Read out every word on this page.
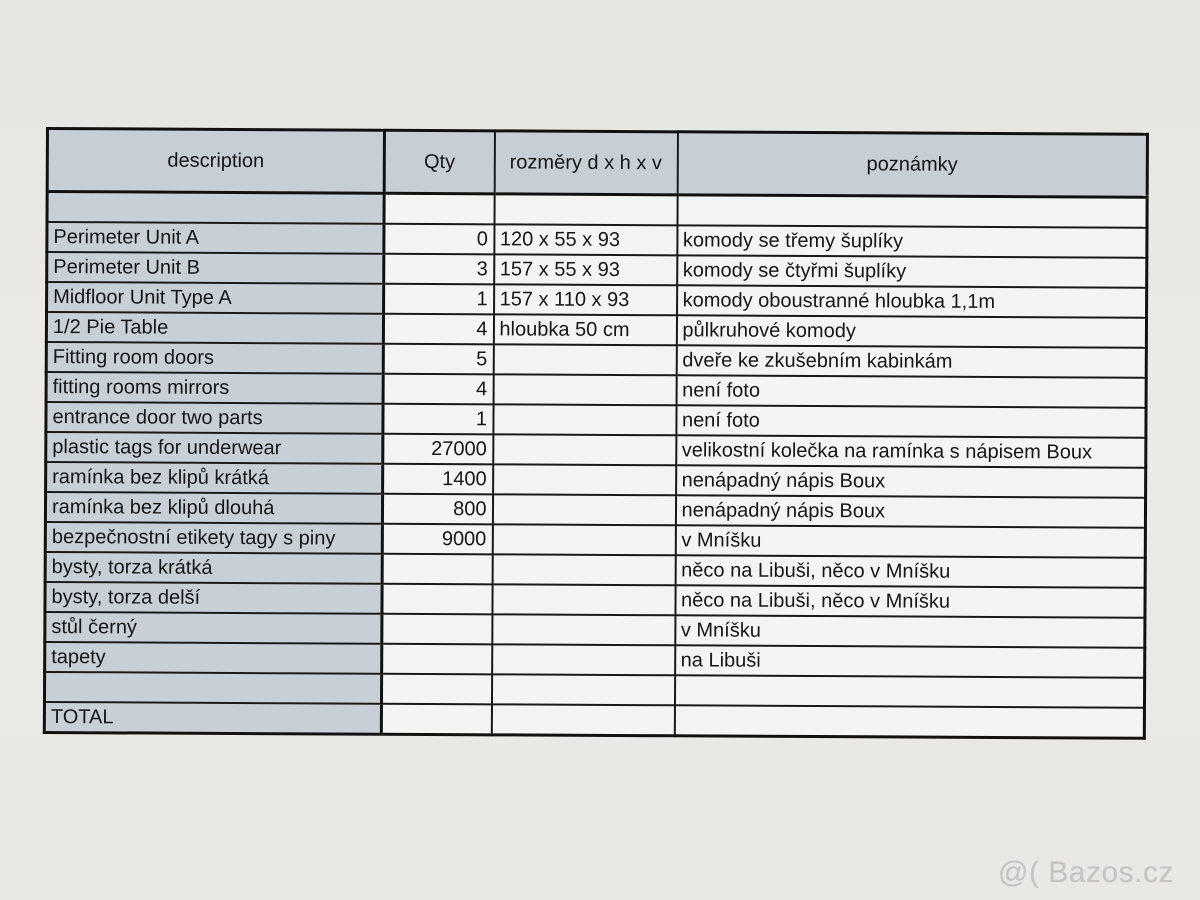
description	Qty	rozměry d x h x v	poznámky

Perimeter Unit A	0	120 x 55 x 93	komody se třemy šuplíky
Perimeter Unit B	3	157 x 55 x 93	komody se čtyřmi šuplíky
Midfloor Unit Type A	1	157 x 110 x 93	komody oboustranné hloubka 1,1m
1/2 Pie Table	4	hloubka 50 cm	půlkruhové komody
Fitting room doors	5		dveře ke zkušebním kabinkám
fitting rooms mirrors	4		není foto
entrance door two parts	1		není foto
plastic tags for underwear	27000		velikostní kolečka na ramínka s nápisem Boux
ramínka bez klipů krátká	1400		nenápadný nápis Boux
ramínka bez klipů dlouhá	800		nenápadný nápis Boux
bezpečnostní etikety tagy s piny	9000		v Mníšku
bysty, torza krátká			něco na Libuši, něco v Mníšku
bysty, torza delší			něco na Libuši, něco v Mníšku
stůl černý			v Mníšku
tapety			na Libuši

TOTAL			
@( Bazos.cz
